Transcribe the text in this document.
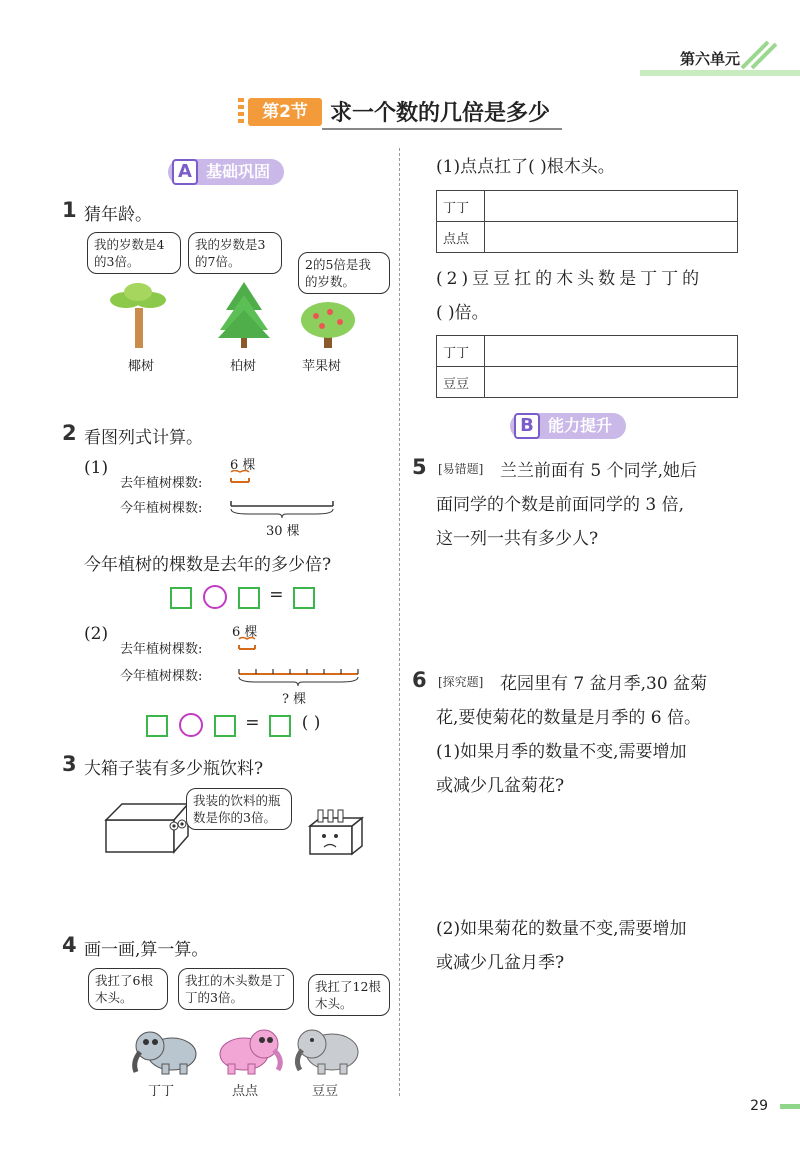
第六单元
第2节	求一个数的几倍是多少
A 基础巩固
1 猜年龄。
我的岁数是4的3倍。
我的岁数是3的7倍。	2的5倍是我的岁数。
椰树	柏树	苹果树
2 看图列式计算。
(1)	6 棵
去年植树棵数:
今年植树棵数:
30 棵
今年植树的棵数是去年的多少倍?
=
(2)	6 棵
去年植树棵数:
今年植树棵数:
? 棵
= ( )
3 大箱子装有多少瓶饮料?
我装的饮料的瓶数是你的3倍。
4 画一画,算一算。
我扛了6根木头。
我扛的木头数是丁丁的3倍。
我扛了12根木头。
丁丁	点点	豆豆
(1)点点扛了( )根木头。
丁丁	
点点	
(2)豆豆扛的木头数是丁丁的
( )倍。
丁丁	
豆豆	
B 能力提升
5 [易错题] 兰兰前面有 5 个同学,她后
面同学的个数是前面同学的 3 倍,
这一列一共有多少人?
6 [探究题] 花园里有 7 盆月季,30 盆菊
花,要使菊花的数量是月季的 6 倍。
(1)如果月季的数量不变,需要增加
或减少几盆菊花?
(2)如果菊花的数量不变,需要增加
或减少几盆月季?
29
